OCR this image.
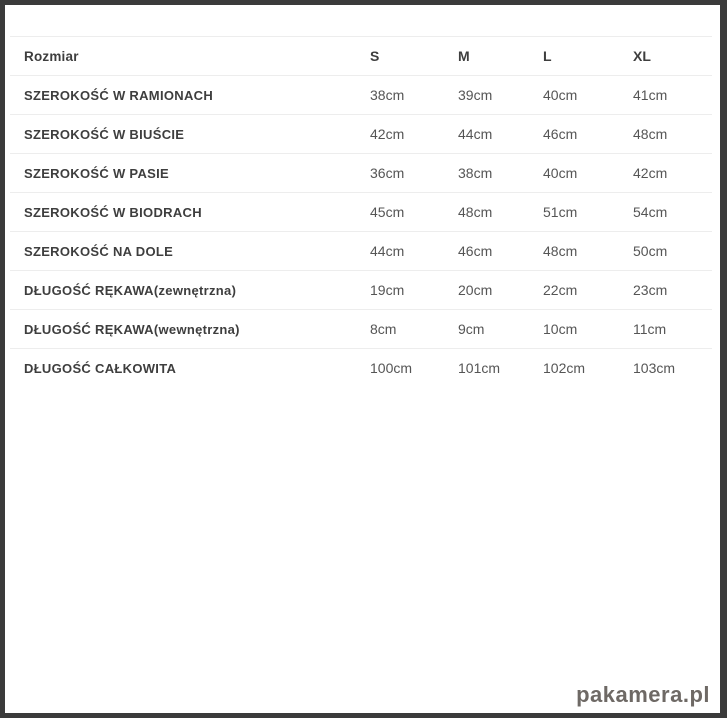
Rozmiar	S	M	L	XL
SZEROKOŚĆ W RAMIONACH	38cm	39cm	40cm	41cm
SZEROKOŚĆ W BIUŚCIE	42cm	44cm	46cm	48cm
SZEROKOŚĆ W PASIE	36cm	38cm	40cm	42cm
SZEROKOŚĆ W BIODRACH	45cm	48cm	51cm	54cm
SZEROKOŚĆ NA DOLE	44cm	46cm	48cm	50cm
DŁUGOŚĆ RĘKAWA(zewnętrzna)	19cm	20cm	22cm	23cm
DŁUGOŚĆ RĘKAWA(wewnętrzna)	8cm	9cm	10cm	11cm
DŁUGOŚĆ CAŁKOWITA	100cm	101cm	102cm	103cm
pakamera.pl
